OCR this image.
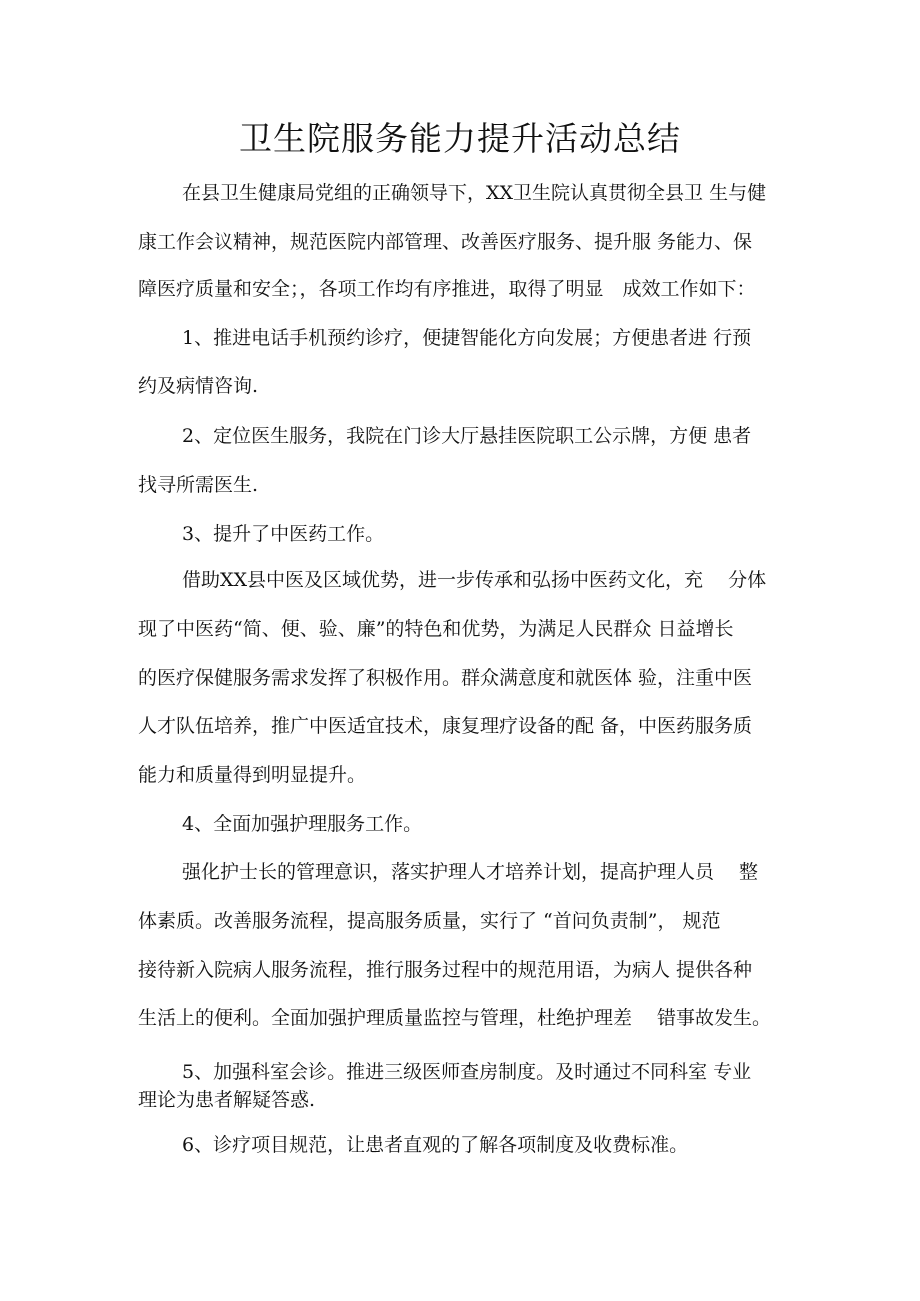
卫生院服务能力提升活动总结
在县卫生健康局党组的正确领导下，XX卫生院认真贯彻全县卫 生与健
康工作会议精神，规范医院内部管理、改善医疗服务、提升服 务能力、保
障医疗质量和安全；，各项工作均有序推进，取得了明显　成效工作如下：
1、推进电话手机预约诊疗，便捷智能化方向发展；方便患者进 行预
约及病情咨询.
2、定位医生服务，我院在门诊大厅悬挂医院职工公示牌，方便 患者
找寻所需医生.
3、提升了中医药工作。
借助XX县中医及区域优势，进一步传承和弘扬中医药文化，充　 分体
现了中医药“简、便、验、廉”的特色和优势，为满足人民群众 日益增长
的医疗保健服务需求发挥了积极作用。群众满意度和就医体 验，注重中医
人才队伍培养，推广中医适宜技术，康复理疗设备的配 备，中医药服务质
能力和质量得到明显提升。
4、全面加强护理服务工作。
强化护士长的管理意识，落实护理人才培养计划，提高护理人员　 整
体素质。改善服务流程，提高服务质量，实行了 “首问负责制”， 规范
接待新入院病人服务流程，推行服务过程中的规范用语，为病人 提供各种
生活上的便利。全面加强护理质量监控与管理，杜绝护理差　 错事故发生。
5、加强科室会诊。推进三级医师查房制度。及时通过不同科室 专业
理论为患者解疑答惑.
6、诊疗项目规范，让患者直观的了解各项制度及收费标准。
